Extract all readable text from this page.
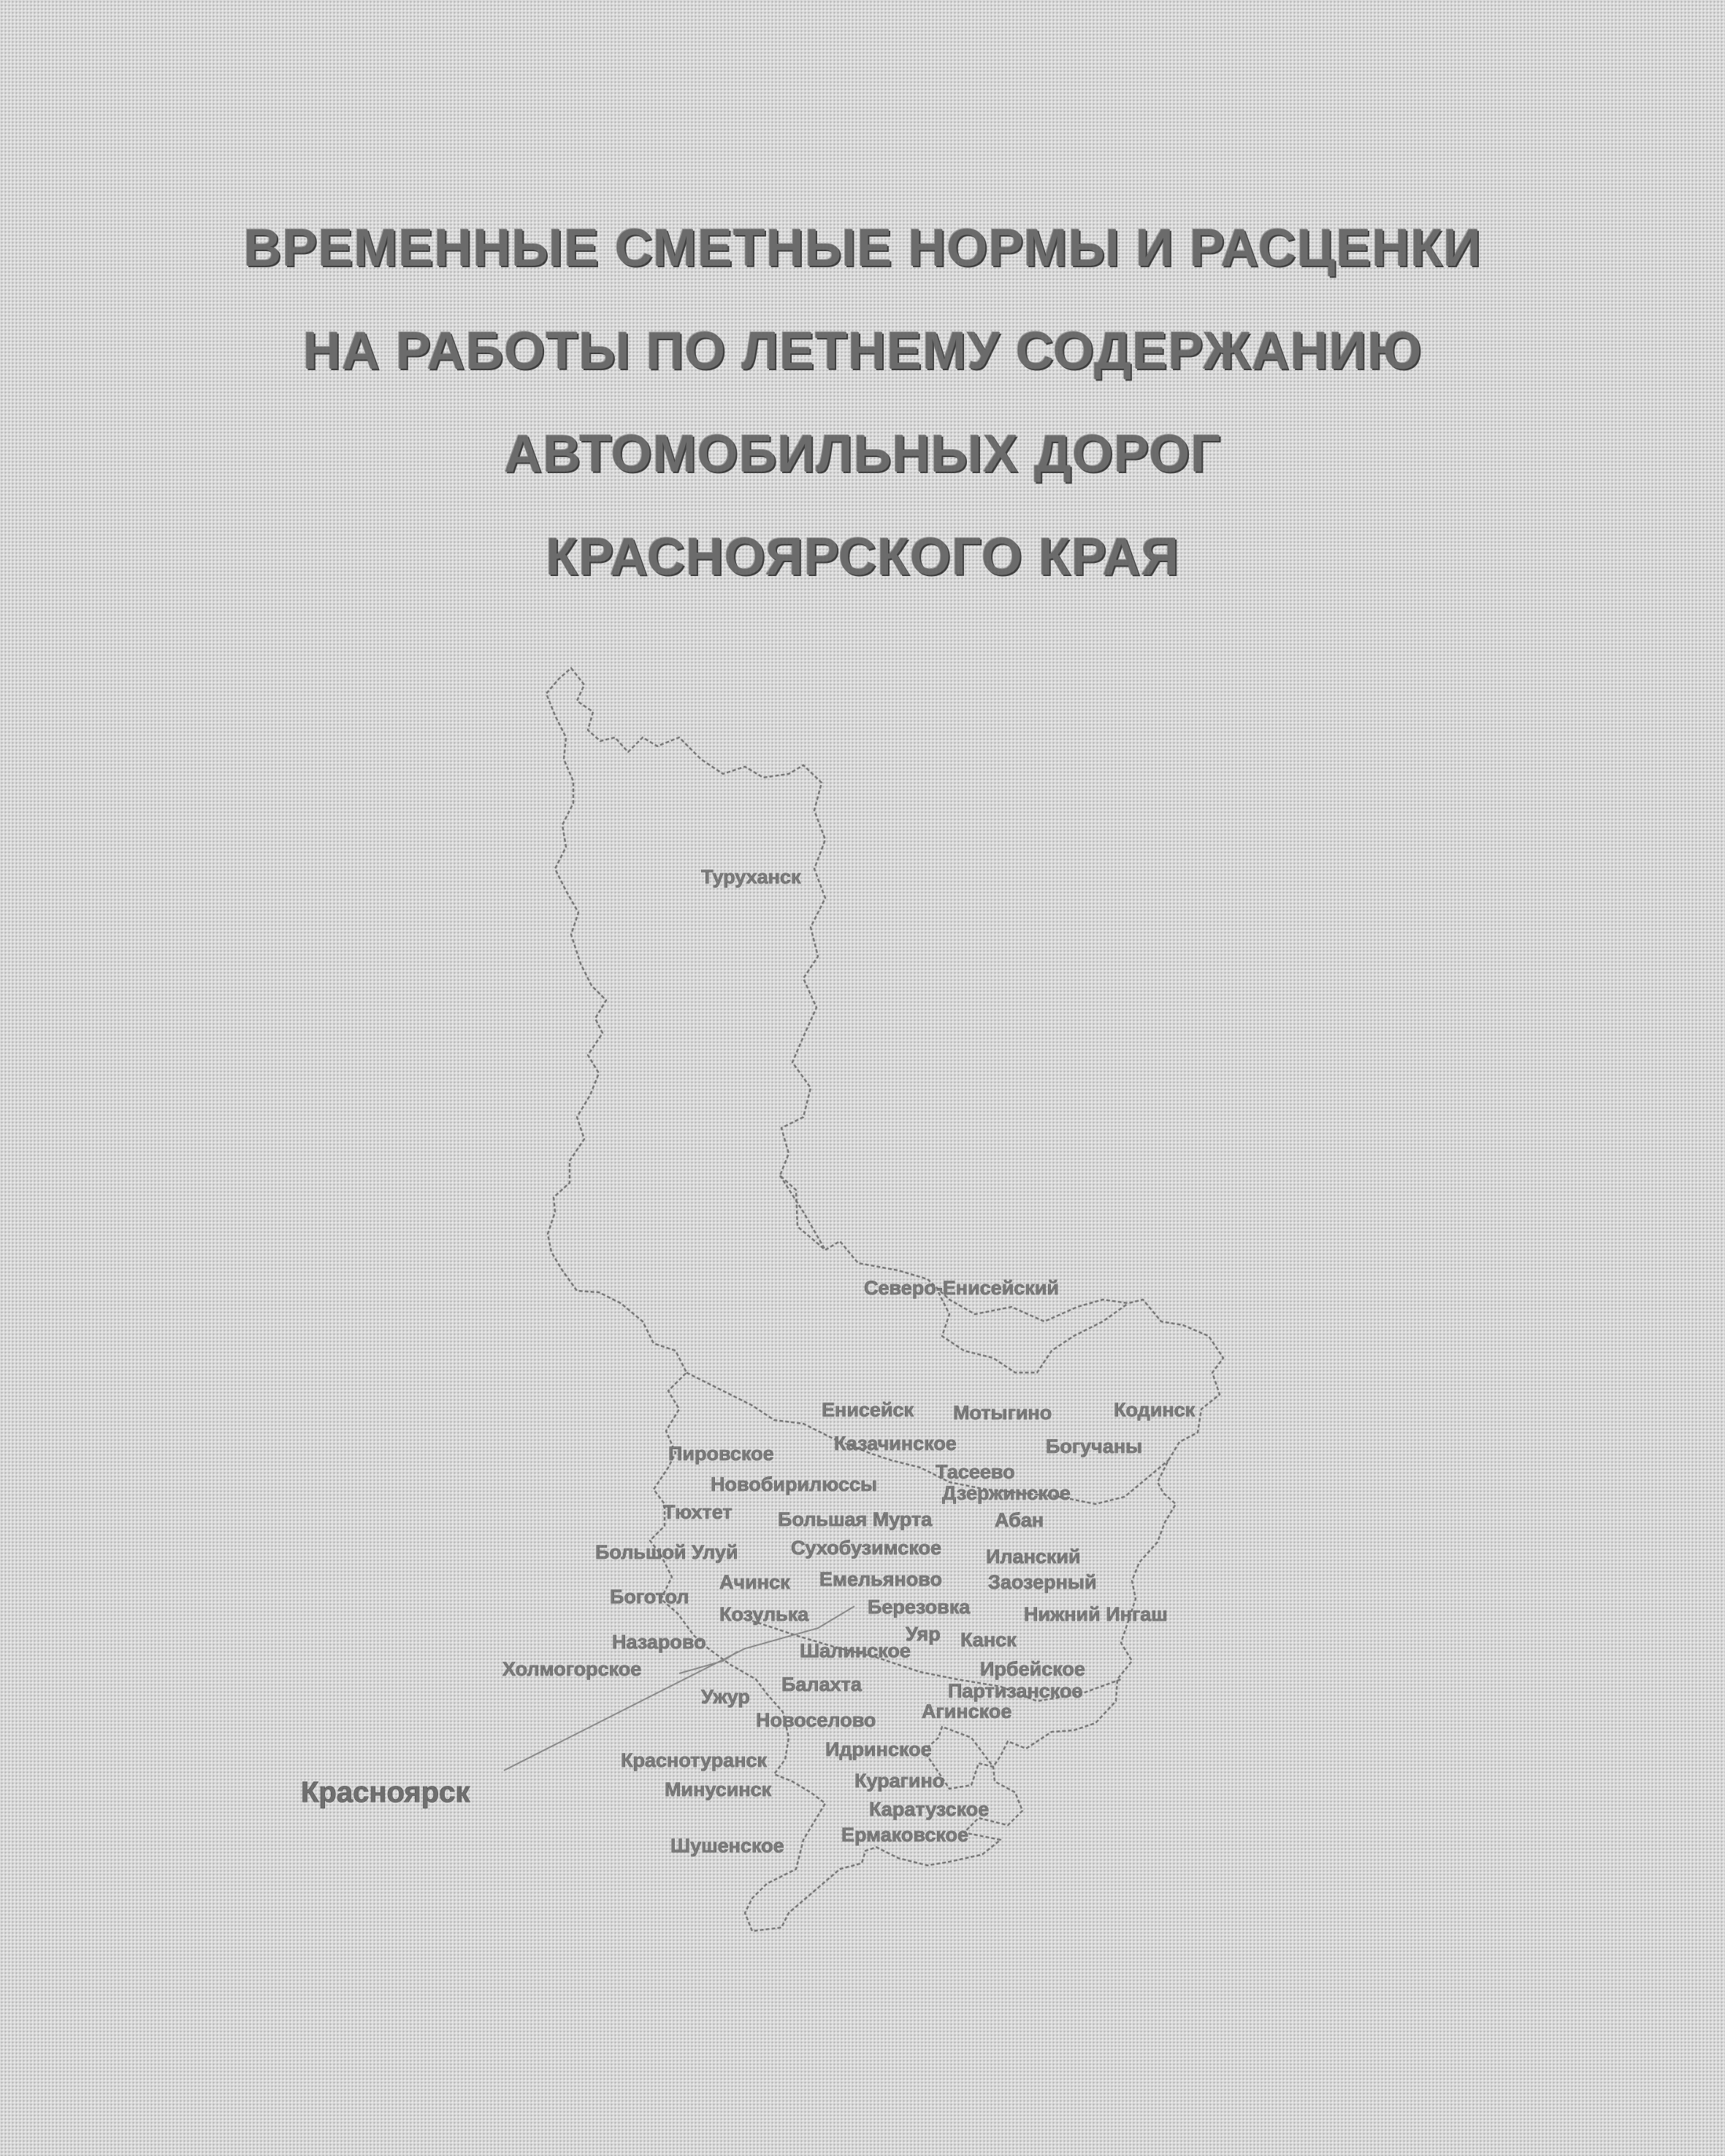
ВРЕМЕННЫЕ СМЕТНЫЕ НОРМЫ И РАСЦЕНКИ
НА РАБОТЫ ПО ЛЕТНЕМУ СОДЕРЖАНИЮ
АВТОМОБИЛЬНЫХ ДОРОГ
КРАСНОЯРСКОГО КРАЯ
Туруханск
Северо-Енисейский
Енисейск Мотыгино	Кодинск
Пировское	Казачинское	Богучаны
Новобирилюссы
Тасеево
Тюхтет
Дзержинское
Большая Мурта	Абан
Большой Улуй	Сухобузимское Иланский
Ачинск Емельяново Заозерный
Боготол
Козулька	Березовка	Нижний Ингаш
Уяр Канск
Назарово	Шалинское
Холмогорское	Ирбейское
Балахта	Партизанское
Ужур
Агинское
Новоселово
Идринское
Краснотуранск
Курагино
Минусинск
Каратузское
Шушенское	Ермаковское
Красноярск
